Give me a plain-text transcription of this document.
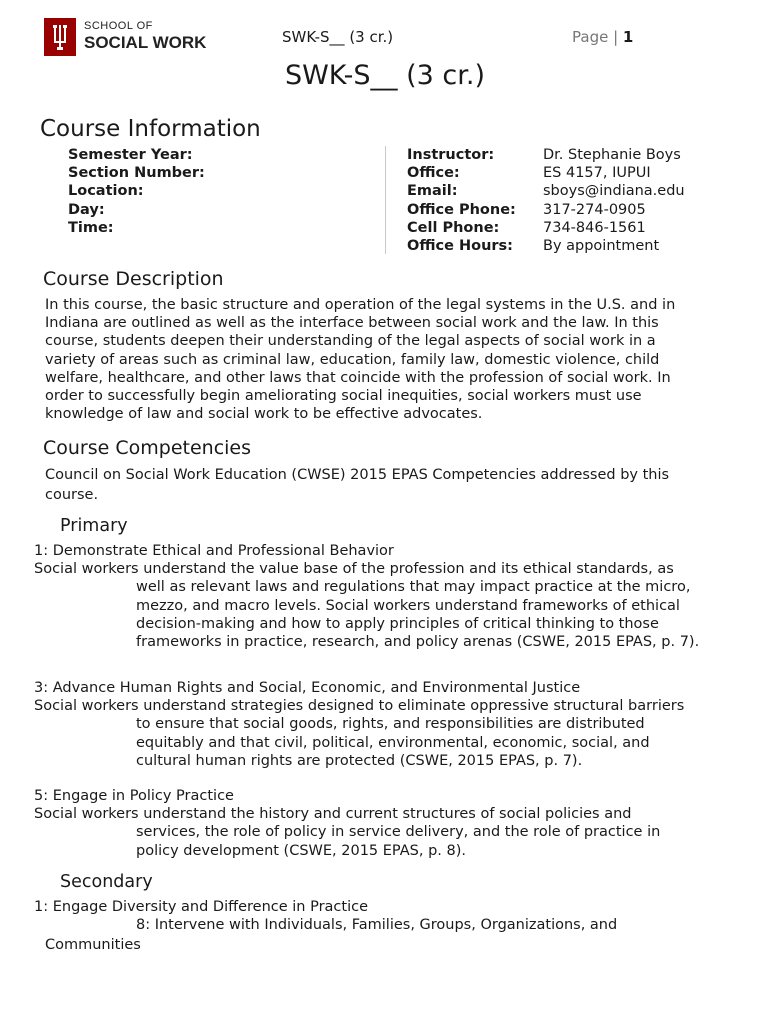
SCHOOL OF
SOCIAL WORK	SWK-S__ (3 cr.)	Page | 1
SWK-S__ (3 cr.)
Course Information
Semester Year:
Section Number:
Location:
Day:
Time:
Instructor:
Office:
Email:
Office Phone:
Cell Phone:
Office Hours:
Dr. Stephanie Boys
ES 4157, IUPUI
sboys@indiana.edu
317-274-0905
734-846-1561
By appointment
Course Description
In this course, the basic structure and operation of the legal systems in the U.S. and in
Indiana are outlined as well as the interface between social work and the law. In this
course, students deepen their understanding of the legal aspects of social work in a
variety of areas such as criminal law, education, family law, domestic violence, child
welfare, healthcare, and other laws that coincide with the profession of social work. In
order to successfully begin ameliorating social inequities, social workers must use
knowledge of law and social work to be effective advocates.
Course Competencies
Council on Social Work Education (CWSE) 2015 EPAS Competencies addressed by this
course.
Primary
1: Demonstrate Ethical and Professional Behavior
Social workers understand the value base of the profession and its ethical standards, as
well as relevant laws and regulations that may impact practice at the micro,
mezzo, and macro levels. Social workers understand frameworks of ethical
decision-making and how to apply principles of critical thinking to those
frameworks in practice, research, and policy arenas (CSWE, 2015 EPAS, p. 7).
3: Advance Human Rights and Social, Economic, and Environmental Justice
Social workers understand strategies designed to eliminate oppressive structural barriers
to ensure that social goods, rights, and responsibilities are distributed
equitably and that civil, political, environmental, economic, social, and
cultural human rights are protected (CSWE, 2015 EPAS, p. 7).
5: Engage in Policy Practice
Social workers understand the history and current structures of social policies and
services, the role of policy in service delivery, and the role of practice in
policy development (CSWE, 2015 EPAS, p. 8).
Secondary
1: Engage Diversity and Difference in Practice
8: Intervene with Individuals, Families, Groups, Organizations, and
Communities
